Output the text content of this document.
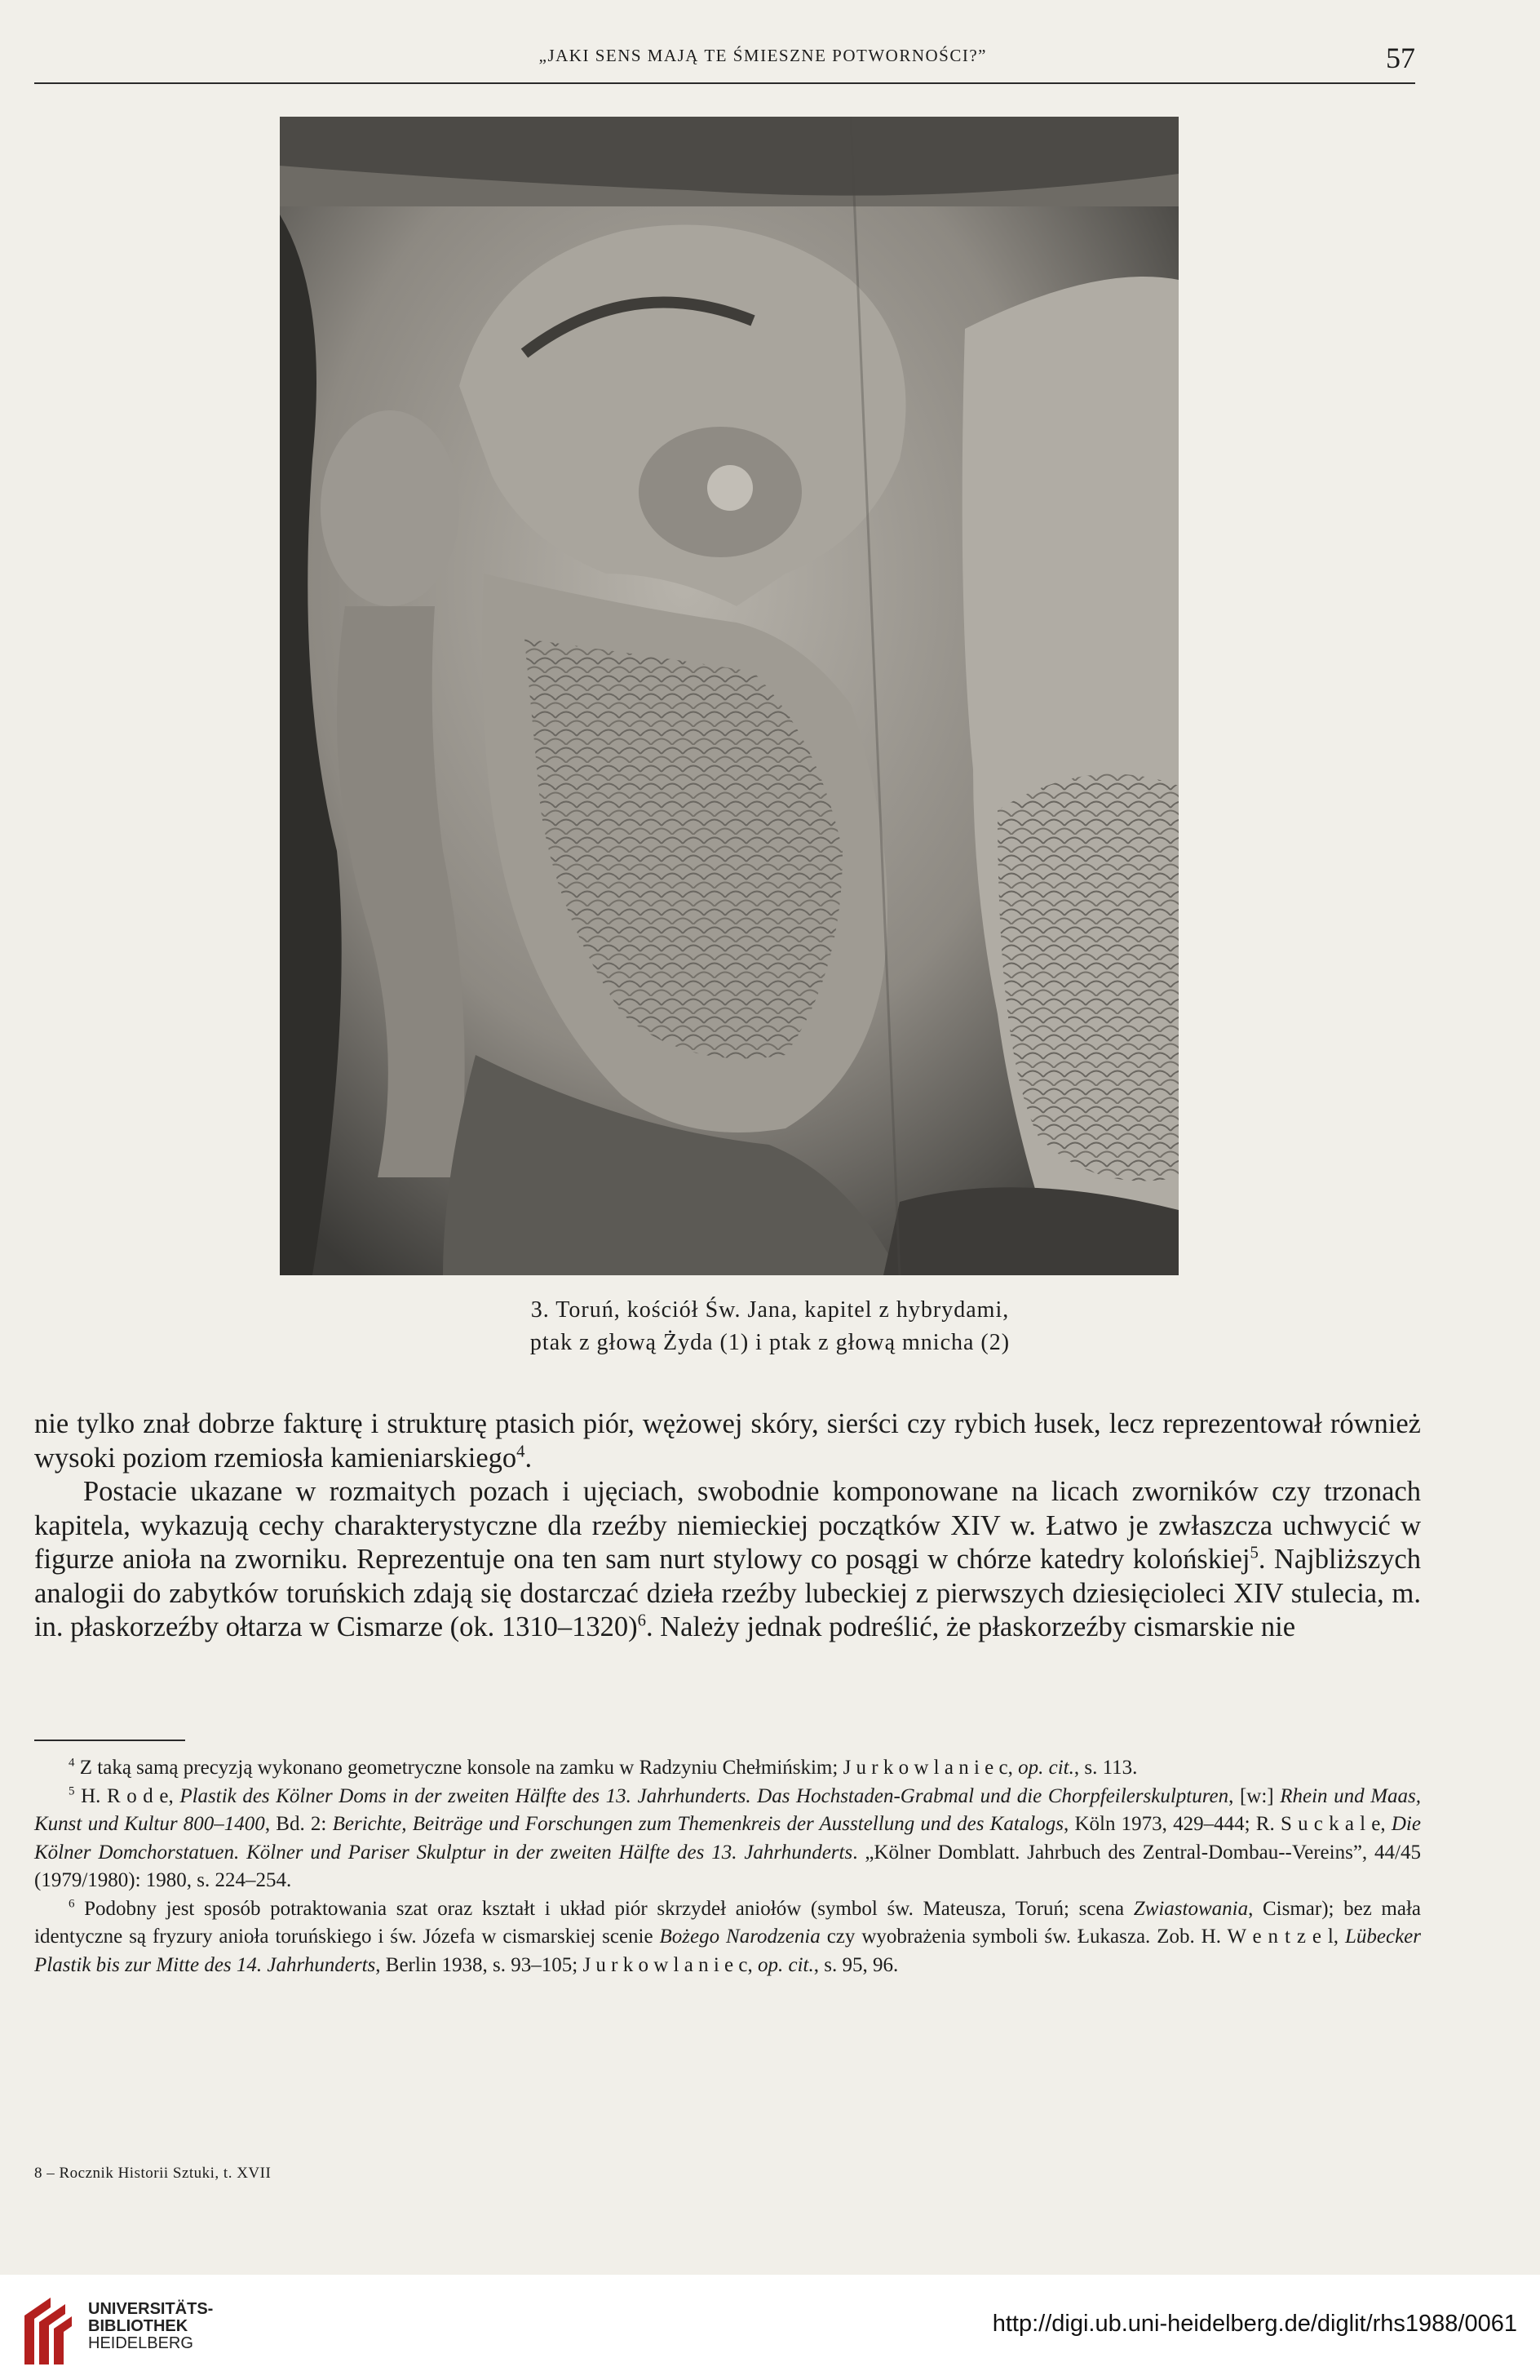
„JAKI SENS MAJĄ TE ŚMIESZNE POTWORNOŚCI?”	57
3. Toruń, kościół Św. Jana, kapitel z hybrydami,
ptak z głową Żyda (1) i ptak z głową mnicha (2)

nie tylko znał dobrze fakturę i strukturę ptasich piór, wężowej skóry, sierści czy rybich łusek, lecz reprezentował również wysoki poziom rzemiosła kamieniarskiego$^4$.

Postacie ukazane w rozmaitych pozach i ujęciach, swobodnie komponowane na licach zworników czy trzonach kapitela, wykazują cechy charakterystyczne dla rzeźby niemieckiej początków XIV w. Łatwo je zwłaszcza uchwycić w figurze anioła na zworniku. Reprezentuje ona ten sam nurt stylowy co posągi w chórze katedry kolońskiej$^5$. Najbliższych analogii do zabytków toruńskich zdają się dostarczać dzieła rzeźby lubeckiej z pierwszych dziesięcioleci XIV stulecia, m. in. płaskorzeźby ołtarza w Cismarze (ok. 1310–1320)$^6$. Należy jednak podreślić, że płaskorzeźby cismarskie nie

$^4$ Z taką samą precyzją wykonano geometryczne konsole na zamku w Radzyniu Chełmińskim; J u r k o w l a n i e c, op. cit., s. 113.

$^5$ H. R o d e, Plastik des Kölner Doms in der zweiten Hälfte des 13. Jahrhunderts. Das Hochstaden-Grabmal und die Chorpfeilerskulpturen, [w:] Rhein und Maas, Kunst und Kultur 800–1400, Bd. 2: Berichte, Beiträge und Forschungen zum Themenkreis der Ausstellung und des Katalogs, Köln 1973, 429–444; R. S u c k a l e, Die Kölner Domchorstatuen. Kölner und Pariser Skulptur in der zweiten Hälfte des 13. Jahrhunderts. „Kölner Domblatt. Jahrbuch des Zentral-Dombau--Vereins”, 44/45 (1979/1980): 1980, s. 224–254.

$^6$ Podobny jest sposób potraktowania szat oraz kształt i układ piór skrzydeł aniołów (symbol św. Mateusza, Toruń; scena Zwiastowania, Cismar); bez mała identyczne są fryzury anioła toruńskiego i św. Józefa w cismarskiej scenie Bożego Narodzenia czy wyobrażenia symboli św. Łukasza. Zob. H. W e n t z e l, Lübecker Plastik bis zur Mitte des 14. Jahrhunderts, Berlin 1938, s. 93–105; J u r k o w l a n i e c, op. cit., s. 95, 96.

8 – Rocznik Historii Sztuki, t. XVII
UNIVERSITÄTS-
BIBLIOTHEK
HEIDELBERG
http://digi.ub.uni-heidelberg.de/diglit/rhs1988/0061
